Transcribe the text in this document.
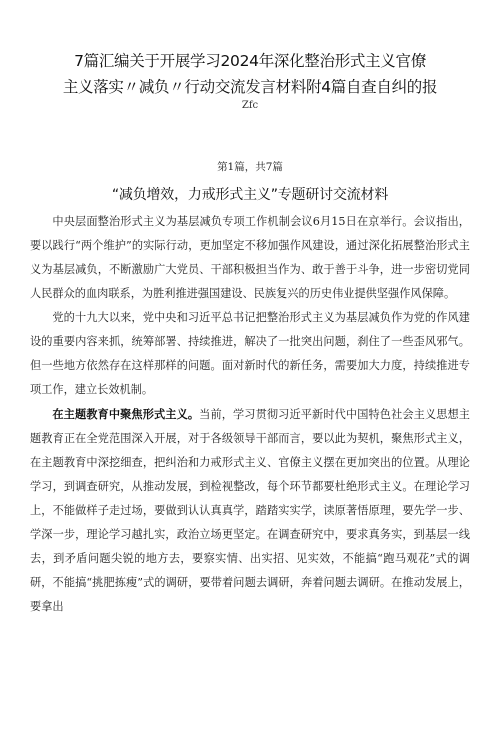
7篇汇编关于开展学习2024年深化整治形式主义官僚
主义落实〃减负〃行动交流发言材料附4篇自查自纠的报
Zfc
第1篇，共7篇
“减负增效，力戒形式主义”专题研讨交流材料

中央层面整治形式主义为基层减负专项工作机制会议6月15日在京举行。会议指出，要以践行“两个维护”的实际行动，更加坚定不移加强作风建设，通过深化拓展整治形式主义为基层减负，不断激励广大党员、干部积极担当作为、敢于善于斗争，进一步密切党同人民群众的血肉联系，为胜利推进强国建设、民族复兴的历史伟业提供坚强作风保障。

党的十九大以来，党中央和习近平总书记把整治形式主义为基层减负作为党的作风建设的重要内容来抓，统筹部署、持续推进，解决了一批突出问题，刹住了一些歪风邪气。但一些地方依然存在这样那样的问题。面对新时代的新任务，需要加大力度，持续推进专项工作，建立长效机制。

在主题教育中聚焦形式主义。当前，学习贯彻习近平新时代中国特色社会主义思想主题教育正在全党范围深入开展，对于各级领导干部而言，要以此为契机，聚焦形式主义，在主题教育中深挖细查，把纠治和力戒形式主义、官僚主义摆在更加突出的位置。从理论学习，到调查研究，从推动发展，到检视整改，每个环节都要杜绝形式主义。在理论学习上，不能做样子走过场，要做到认认真真学，踏踏实实学，读原著悟原理，要先学一步、学深一步，理论学习越扎实，政治立场更坚定。在调查研究中，要求真务实，到基层一线去，到矛盾问题尖锐的地方去，要察实情、出实招、见实效，不能搞“跑马观花”式的调研，不能搞“挑肥拣瘦”式的调研，要带着问题去调研，奔着问题去调研。在推动发展上，要拿出
